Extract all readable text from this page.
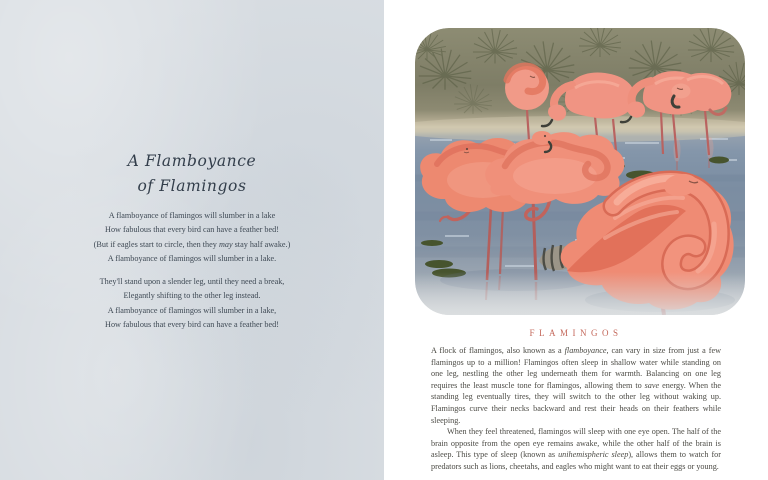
A Flamboyance
of Flamingos
A flamboyance of flamingos will slumber in a lake
How fabulous that every bird can have a feather bed!
(But if eagles start to circle, then they may stay half awake.)
A flamboyance of flamingos will slumber in a lake.
They'll stand upon a slender leg, until they need a break,
Elegantly shifting to the other leg instead.
A flamboyance of flamingos will slumber in a lake,
How fabulous that every bird can have a feather bed!
FLAMINGOS

A flock of flamingos, also known as a flamboyance, can vary in size from just a few flamingos up to a million! Flamingos often sleep in shallow water while standing on one leg, nestling the other leg underneath them for warmth. Balancing on one leg requires the least muscle tone for flamingos, allowing them to save energy. When the standing leg eventually tires, they will switch to the other leg without waking up. Flamingos curve their necks backward and rest their heads on their feathers while sleeping.

When they feel threatened, flamingos will sleep with one eye open. The half of the brain opposite from the open eye remains awake, while the other half of the brain is asleep. This type of sleep (known as unihemispheric sleep), allows them to watch for predators such as lions, cheetahs, and eagles who might want to eat their eggs or young.
